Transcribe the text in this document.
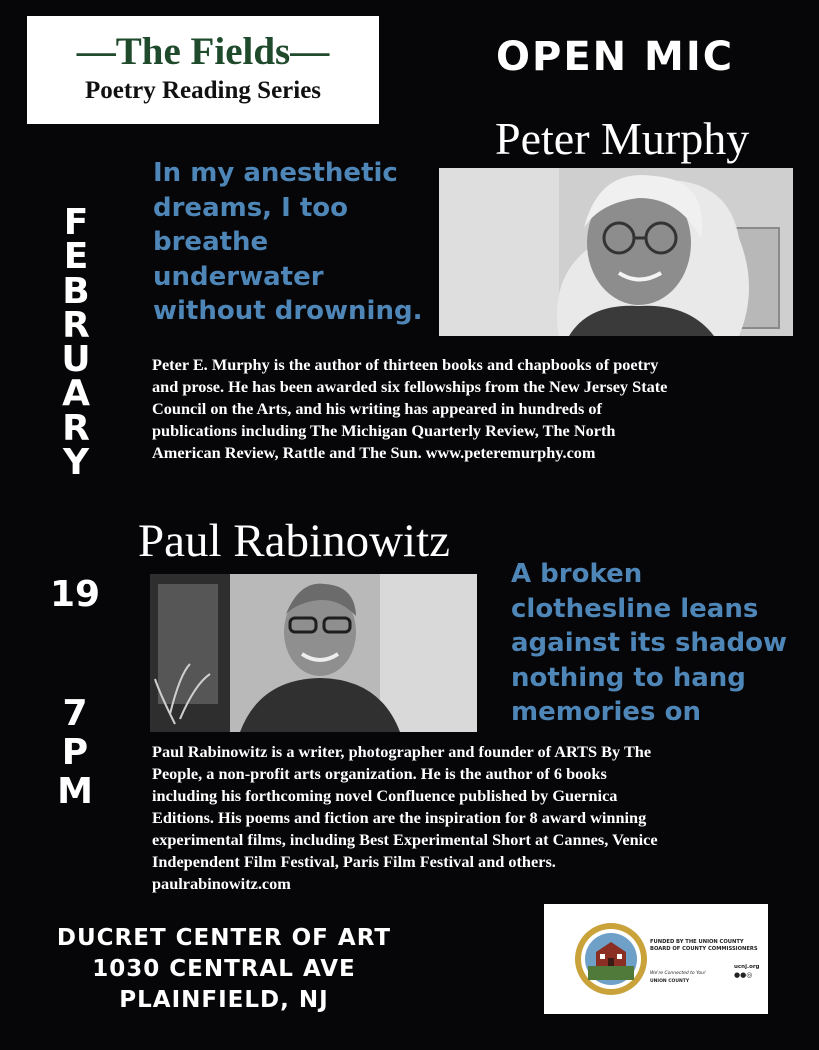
—The Fields—
Poetry Reading Series
OPEN MIC
F
E
B
R
U
A
R
Y
19
7
P
M
Peter Murphy
In my anesthetic
dreams, I too
breathe
underwater
without drowning.
Peter E. Murphy is the author of thirteen books and chapbooks of poetry
and prose. He has been awarded six fellowships from the New Jersey State
Council on the Arts, and his writing has appeared in hundreds of
publications including The Michigan Quarterly Review, The North
American Review, Rattle and The Sun. www.peteremurphy.com
Paul Rabinowitz
A broken
clothesline leans
against its shadow
nothing to hang
memories on
Paul Rabinowitz is a writer, photographer and founder of ARTS By The
People, a non-profit arts organization. He is the author of 6 books
including his forthcoming novel Confluence published by Guernica
Editions. His poems and fiction are the inspiration for 8 award winning
experimental films, including Best Experimental Short at Cannes, Venice
Independent Film Festival, Paris Film Festival and others.
paulrabinowitz.com
DUCRET CENTER OF ART
1030 CENTRAL AVE
PLAINFIELD, NJ
FUNDED BY THE UNION COUNTY BOARD OF COUNTY COMMISSIONERS
UNION COUNTY
We're Connected to You!
ucnj.org
●●◎
